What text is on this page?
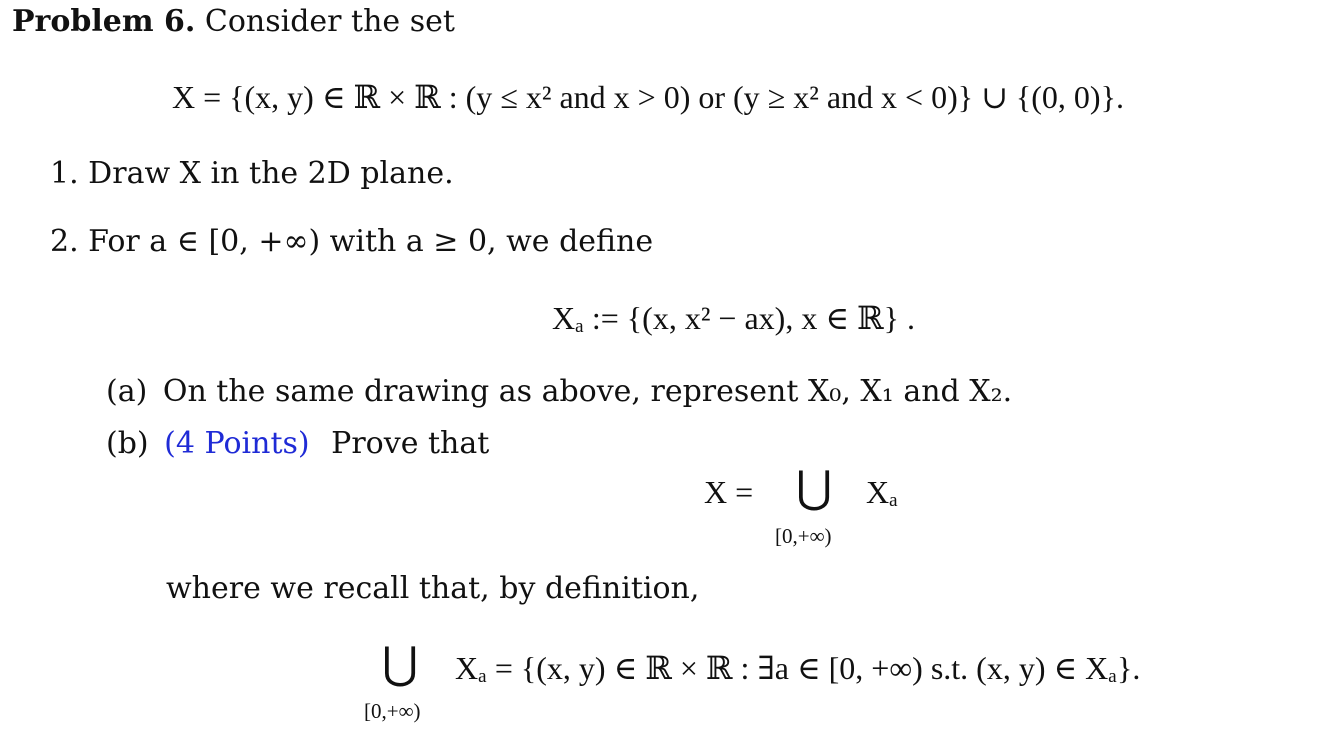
Problem 6. Consider the set
X = {(x, y) ∈ ℝ × ℝ : (y ≤ x² and x > 0) or (y ≥ x² and x < 0)} ∪ {(0, 0)}.
1. Draw X in the 2D plane.
2. For a ∈ [0, +∞) with a ≥ 0, we define
Xₐ := {(x, x² − ax), x ∈ ℝ} .
(a) On the same drawing as above, represent X₀, X₁ and X₂.
(b) (4 Points) Prove that
X = ⋃ Xₐ
[0,+∞)
where we recall that, by definition,
⋃ Xₐ = {(x, y) ∈ ℝ × ℝ : ∃a ∈ [0, +∞) s.t. (x, y) ∈ Xₐ}.
[0,+∞)
